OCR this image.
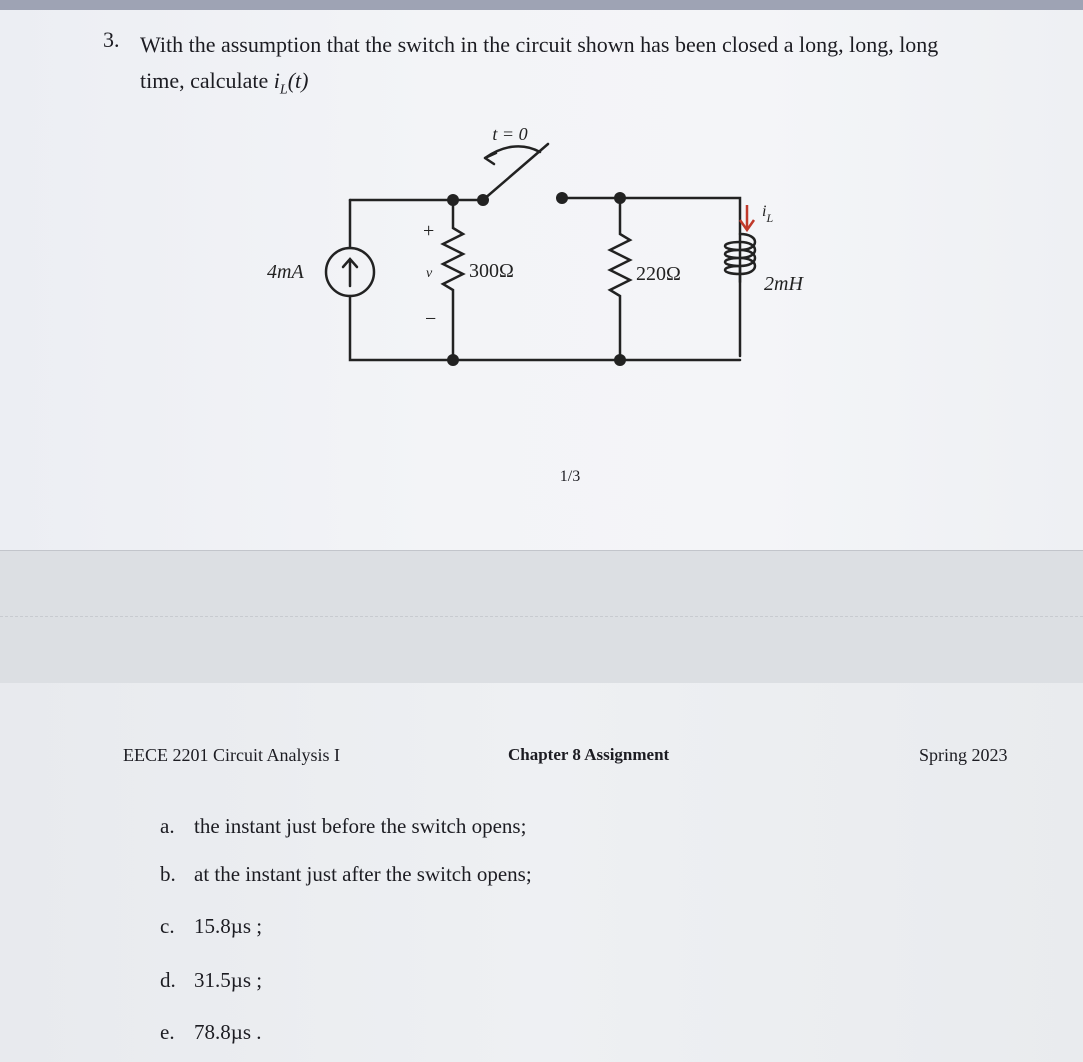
3. With the assumption that the switch in the circuit shown has been closed a long, long, long
time, calculate $i_L(t)$
t = 0
4mA
+
v
−
300Ω	220Ω	2mH
$i_L$
1/3
EECE 2201 Circuit Analysis I	Chapter 8 Assignment	Spring 2023
a. the instant just before the switch opens;
b. at the instant just after the switch opens;
c. 15.8µs ;
d. 31.5µs ;
e. 78.8µs .
